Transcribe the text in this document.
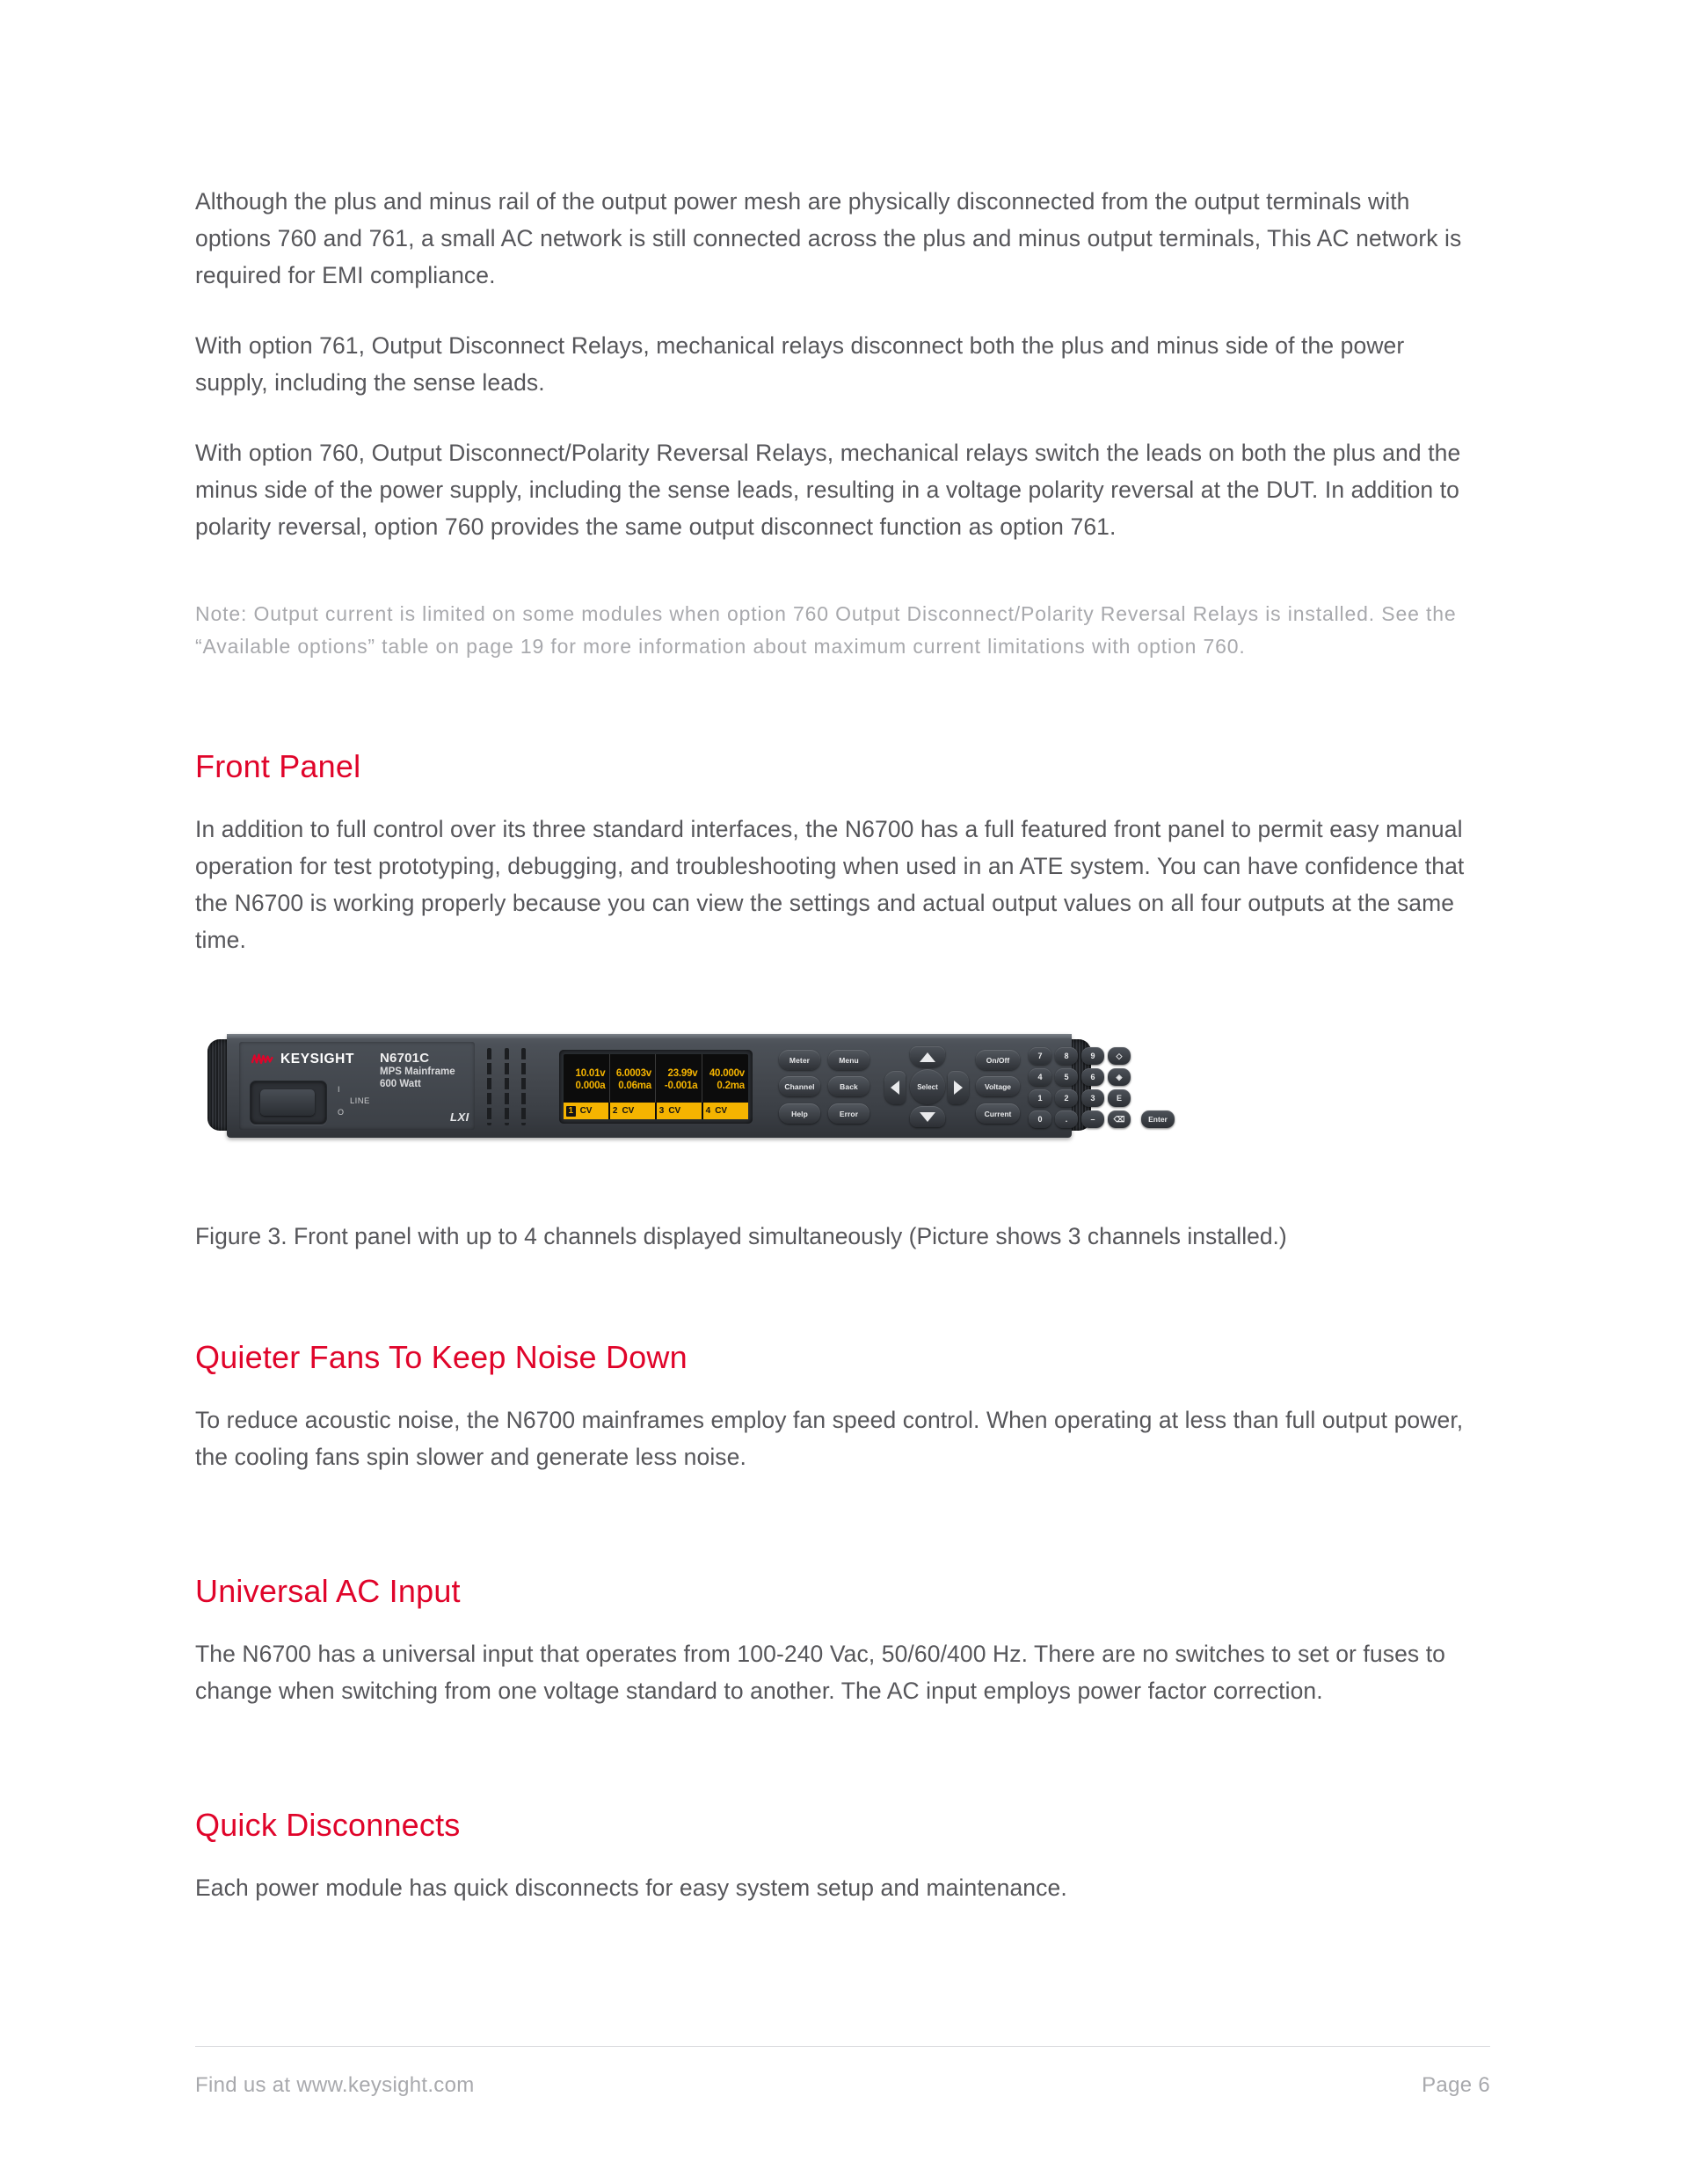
Although the plus and minus rail of the output power mesh are physically disconnected from the output terminals with options 760 and 761, a small AC network is still connected across the plus and minus output terminals, This AC network is required for EMI compliance.

With option 761, Output Disconnect Relays, mechanical relays disconnect both the plus and minus side of the power supply, including the sense leads.

With option 760, Output Disconnect/Polarity Reversal Relays, mechanical relays switch the leads on both the plus and the minus side of the power supply, including the sense leads, resulting in a voltage polarity reversal at the DUT. In addition to polarity reversal, option 760 provides the same output disconnect function as option 761.

Note: Output current is limited on some modules when option 760 Output Disconnect/Polarity Reversal Relays is installed. See the “Available options” table on page 19 for more information about maximum current limitations with option 760.

Front Panel

In addition to full control over its three standard interfaces, the N6700 has a full featured front panel to permit easy manual operation for test prototyping, debugging, and troubleshooting when used in an ATE system. You can have confidence that the N6700 is working properly because you can view the settings and actual output values on all four outputs at the same time.

KEYSIGHT N6701C
MPS Mainframe
600 Watt
I
LINE
O	LXI
10.01v
0.000a
6.0003v
0.06ma
23.99v
-0.001a
40.000v
0.2ma
1 CV 2 CV	3 CV	4 CV
Meter	Menu
Channel	Back
Help	Error
Select
On/Off
Voltage
Current
7	8	9	◇
4	5	6	◈
1	2	3	E
0	.	–	⌫	Enter
Figure 3. Front panel with up to 4 channels displayed simultaneously (Picture shows 3 channels installed.)
Quieter Fans To Keep Noise Down

To reduce acoustic noise, the N6700 mainframes employ fan speed control. When operating at less than full output power, the cooling fans spin slower and generate less noise.

Universal AC Input

The N6700 has a universal input that operates from 100-240 Vac, 50/60/400 Hz. There are no switches to set or fuses to change when switching from one voltage standard to another. The AC input employs power factor correction.

Quick Disconnects

Each power module has quick disconnects for easy system setup and maintenance.

Find us at www.keysight.com	Page 6
